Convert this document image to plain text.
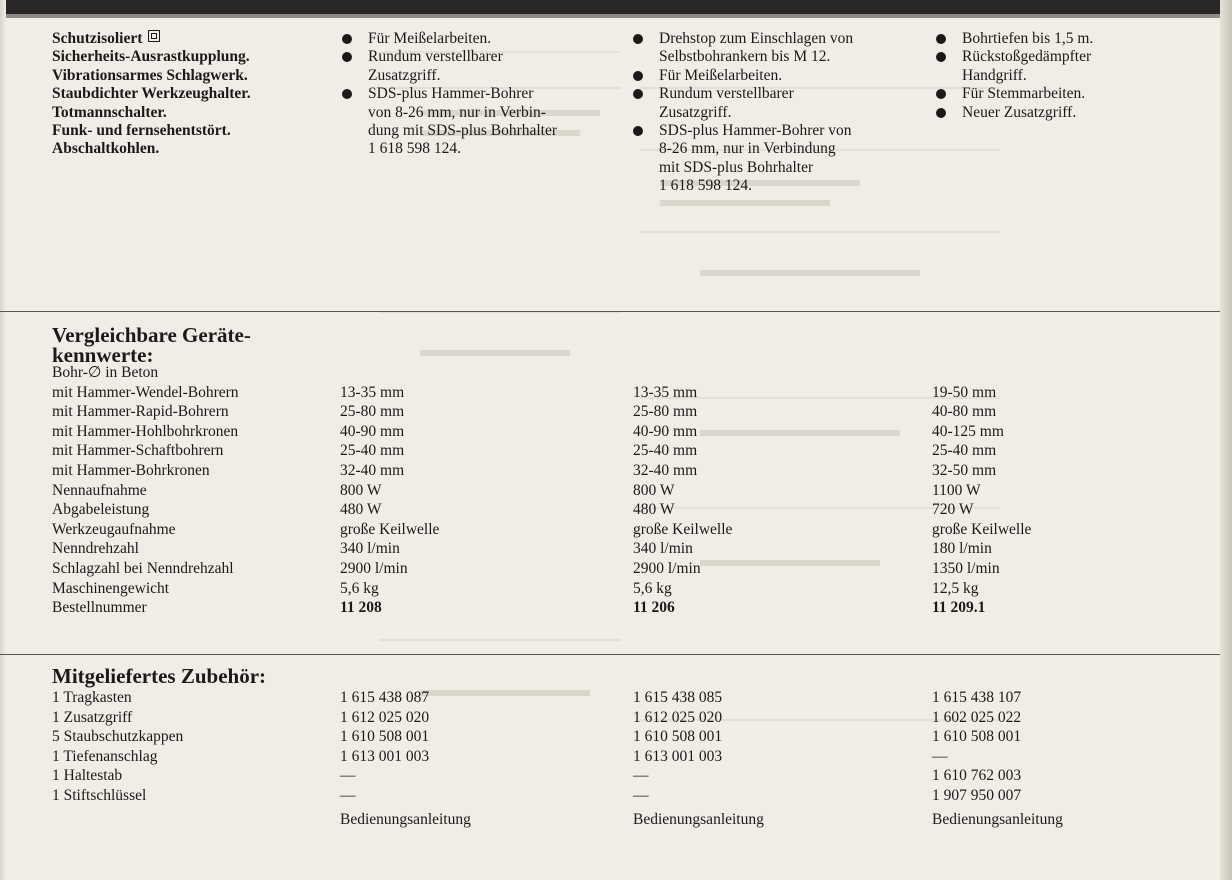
Schutzisoliert
Sicherheits-Ausrastkupplung.
Vibrationsarmes Schlagwerk.
Staubdichter Werkzeughalter.
Totmannschalter.
Funk- und fernsehentstört.
Abschaltkohlen.
Für Meißelarbeiten.
Rundum verstellbarer
Zusatzgriff.
SDS-plus Hammer-Bohrer
von 8-26 mm, nur in Verbin-
dung mit SDS-plus Bohrhalter
1 618 598 124.
Drehstop zum Einschlagen von
Selbstbohrankern bis M 12.
Für Meißelarbeiten.
Rundum verstellbarer
Zusatzgriff.
SDS-plus Hammer-Bohrer von
8-26 mm, nur in Verbindung
mit SDS-plus Bohrhalter
1 618 598 124.
Bohrtiefen bis 1,5 m.
Rückstoßgedämpfter
Handgriff.
Für Stemmarbeiten.
Neuer Zusatzgriff.
Vergleichbare Geräte-
kennwerte:
Bohr-∅ in Beton
mit Hammer-Wendel-Bohrern
mit Hammer-Rapid-Bohrern
mit Hammer-Hohlbohrkronen
mit Hammer-Schaftbohrern
mit Hammer-Bohrkronen
Nennaufnahme
Abgabeleistung
Werkzeugaufnahme
Nenndrehzahl
Schlagzahl bei Nenndrehzahl
Maschinengewicht
Bestellnummer
13-35 mm
25-80 mm
40-90 mm
25-40 mm
32-40 mm
800 W
480 W
große Keilwelle
340 l/min
2900 l/min
5,6 kg
11 208
13-35 mm
25-80 mm
40-90 mm
25-40 mm
32-40 mm
800 W
480 W
große Keilwelle
340 l/min
2900 l/min
5,6 kg
11 206
19-50 mm
40-80 mm
40-125 mm
25-40 mm
32-50 mm
1100 W
720 W
große Keilwelle
180 l/min
1350 l/min
12,5 kg
11 209.1
Mitgeliefertes Zubehör:
1 Tragkasten
1 Zusatzgriff
5 Staubschutzkappen
1 Tiefenanschlag
1 Haltestab
1 Stiftschlüssel
1 615 438 087
1 612 025 020
1 610 508 001
1 613 001 003
—
—
Bedienungsanleitung
1 615 438 085
1 612 025 020
1 610 508 001
1 613 001 003
—
—
Bedienungsanleitung
1 615 438 107
1 602 025 022
1 610 508 001
—
1 610 762 003
1 907 950 007
Bedienungsanleitung
